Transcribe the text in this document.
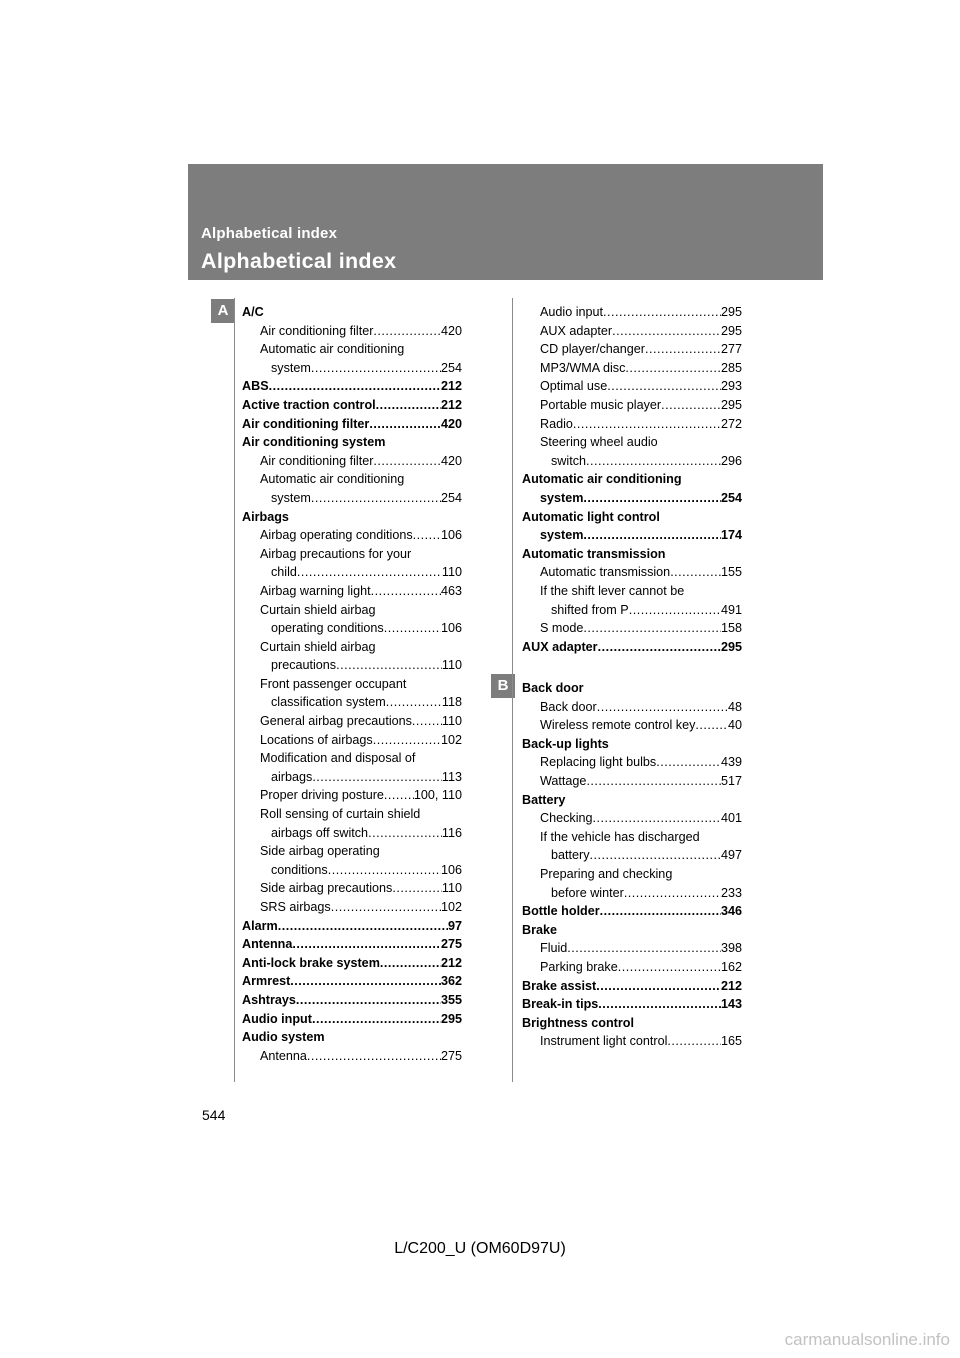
Alphabetical index
Alphabetical index
A
B
A/C
Air conditioning filter .....	420
Automatic air conditioning
system .....	254
ABS .....	212
Active traction control .....	212
Air conditioning filter .....	420
Air conditioning system
Air conditioning filter .....	420
Automatic air conditioning
system .....	254
Airbags
Airbag operating conditions ..... 106
Airbag precautions for your
child .....	110
Airbag warning light .....	463
Curtain shield airbag
operating conditions .....	106
Curtain shield airbag
precautions .....	110
Front passenger occupant
classification system .....	118
General airbag precautions ..... 110
Locations of airbags .....	102
Modification and disposal of
airbags .....	113
Proper driving posture ..... 100, 110
Roll sensing of curtain shield
airbags off switch .....	116
Side airbag operating
conditions .....	106
Side airbag precautions .....	110
SRS airbags .....	102
Alarm .....	97
Antenna .....	275
Anti-lock brake system .....	212
Armrest .....	362
Ashtrays .....	355
Audio input .....	295
Audio system
Antenna .....	275
Audio input .....	295
AUX adapter .....	295
CD player/changer .....	277
MP3/WMA disc .....	285
Optimal use .....	293
Portable music player .....	295
Radio .....	272
Steering wheel audio
switch .....	296
Automatic air conditioning
system .....	254
Automatic light control
system .....	174
Automatic transmission
Automatic transmission .....	155
If the shift lever cannot be
shifted from P .....	491
S mode .....	158
AUX adapter .....	295
Back door
Back door .....	48
Wireless remote control key .....	40
Back-up lights
Replacing light bulbs .....	439
Wattage .....	517
Battery
Checking .....	401
If the vehicle has discharged
battery .....	497
Preparing and checking
before winter .....	233
Bottle holder .....	346
Brake
Fluid .....	398
Parking brake .....	162
Brake assist .....	212
Break-in tips .....	143
Brightness control
Instrument light control .....	165
544
L/C200_U (OM60D97U)
carmanualsonline.info
